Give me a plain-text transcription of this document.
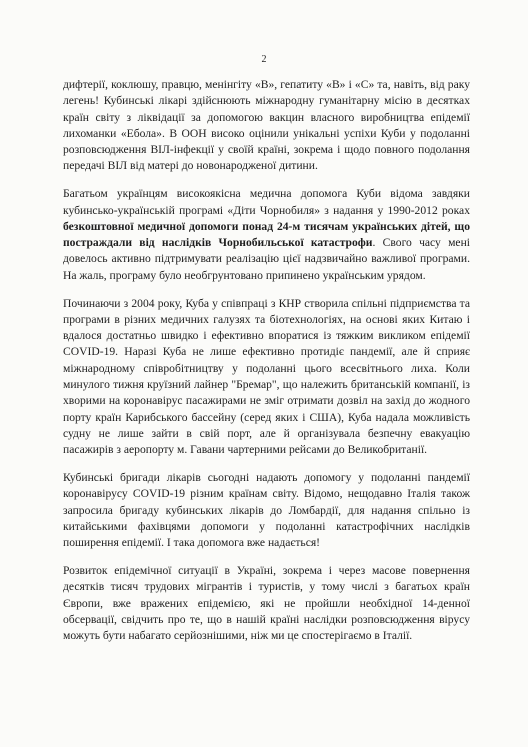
2

дифтерії, коклюшу, правцю, менінгіту «В», гепатиту «В» і «С» та, навіть, від раку легень! Кубинські лікарі здійснюють міжнародну гуманітарну місію в десятках країн світу з ліквідації за допомогою вакцин власного виробництва епідемії лихоманки «Ебола». В ООН високо оцінили унікальні успіхи Куби у подоланні розповсюдження ВІЛ-інфекції у своїй країні, зокрема і щодо повного подолання передачі ВІЛ від матері до новонародженої дитини.

Багатьом українцям високоякісна медична допомога Куби відома завдяки кубинсько-українській програмі «Діти Чорнобиля» з надання у 1990-2012 роках безкоштовної медичної допомоги понад 24-м тисячам українських дітей, що постраждали від наслідків Чорнобильської катастрофи. Свого часу мені довелось активно підтримувати реалізацію цієї надзвичайно важливої програми. На жаль, програму було необгрунтовано припинено українським урядом.

Починаючи з 2004 року, Куба у співпраці з КНР створила спільні підприємства та програми в різних медичних галузях та біотехнологіях, на основі яких Китаю і вдалося достатньо швидко і ефективно впоратися із тяжким викликом епідемії COVID-19. Наразі Куба не лише ефективно протидіє пандемії, але й сприяє міжнародному співробітництву у подоланні цього всесвітнього лиха. Коли минулого тижня круїзний лайнер "Бремар", що належить британській компанії, із хворими на коронавірус пасажирами не зміг отримати дозвіл на захід до жодного порту країн Карибського бассейну (серед яких і США), Куба надала можливість судну не лише зайти в свій порт, але й організувала безпечну евакуацію пасажирів з аеропорту м. Гавани чартерними рейсами до Великобританії.

Кубинські бригади лікарів сьогодні надають допомогу у подоланні пандемії коронавірусу COVID-19 різним країнам світу. Відомо, нещодавно Італія також запросила бригаду кубинських лікарів до Ломбардії, для надання спільно із китайськими фахівцями допомоги у подоланні катастрофічних наслідків поширення епідемії. І така допомога вже надається!

Розвиток епідемічної ситуації в Україні, зокрема і через масове повернення десятків тисяч трудових мігрантів і туристів, у тому числі з багатьох країн Європи, вже вражених епідемією, які не пройшли необхідної 14-денної обсервації, свідчить про те, що в нашій країні наслідки розповсюдження вірусу можуть бути набагато серйознішими, ніж ми це спостерігаємо в Італії.
